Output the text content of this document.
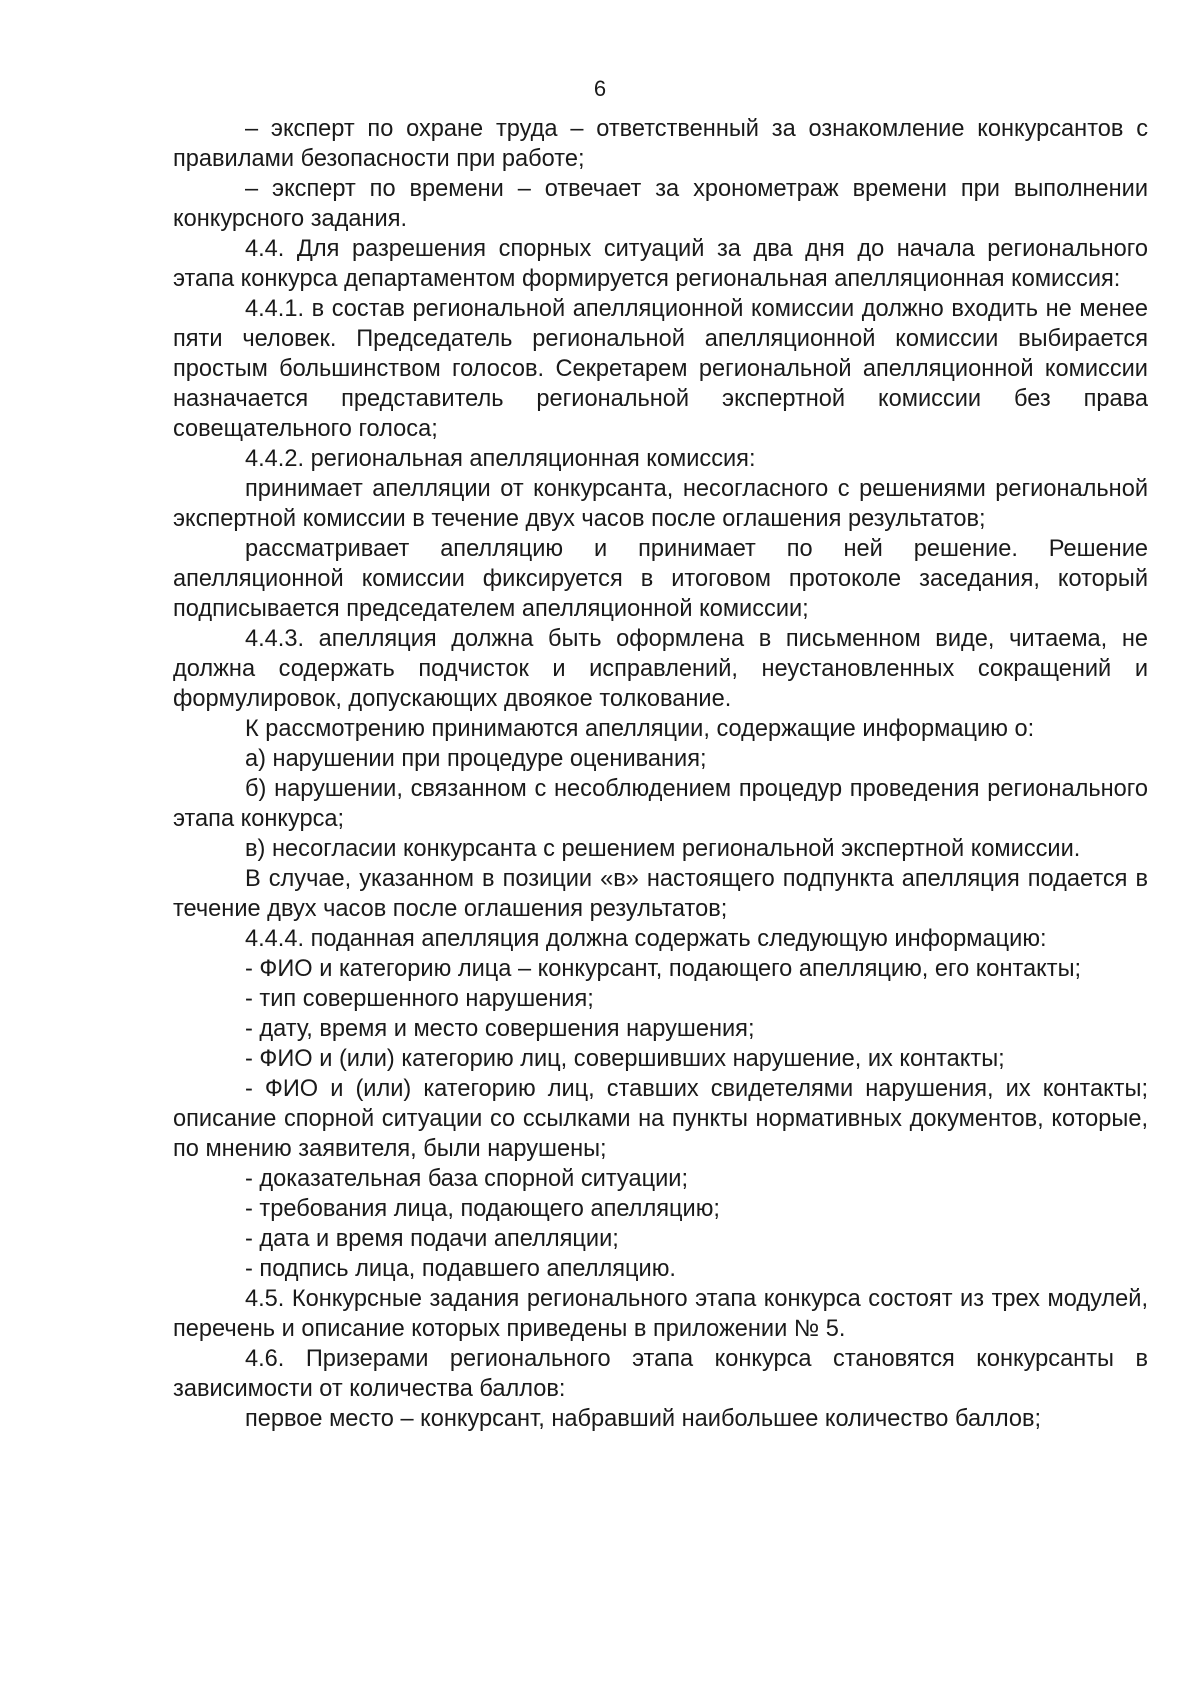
6

– эксперт по охране труда – ответственный за ознакомление конкурсантов с правилами безопасности при работе;

– эксперт по времени – отвечает за хронометраж времени при выполнении конкурсного задания.

4.4. Для разрешения спорных ситуаций за два дня до начала регионального этапа конкурса департаментом формируется региональная апелляционная комиссия:

4.4.1. в состав региональной апелляционной комиссии должно входить не менее пяти человек. Председатель региональной апелляционной комиссии выбирается простым большинством голосов. Секретарем региональной апелляционной комиссии назначается представитель региональной экспертной комиссии без права совещательного голоса;

4.4.2. региональная апелляционная комиссия:

принимает апелляции от конкурсанта, несогласного с решениями региональной экспертной комиссии в течение двух часов после оглашения результатов;

рассматривает апелляцию и принимает по ней решение. Решение апелляционной комиссии фиксируется в итоговом протоколе заседания, который подписывается председателем апелляционной комиссии;

4.4.3. апелляция должна быть оформлена в письменном виде, читаема, не должна содержать подчисток и исправлений, неустановленных сокращений и формулировок, допускающих двоякое толкование.

К рассмотрению принимаются апелляции, содержащие информацию о:

а) нарушении при процедуре оценивания;

б) нарушении, связанном с несоблюдением процедур проведения регионального этапа конкурса;

в) несогласии конкурсанта с решением региональной экспертной комиссии.

В случае, указанном в позиции «в» настоящего подпункта апелляция подается в течение двух часов после оглашения результатов;

4.4.4. поданная апелляция должна содержать следующую информацию:

- ФИО и категорию лица – конкурсант, подающего апелляцию, его контакты;

- тип совершенного нарушения;

- дату, время и место совершения нарушения;

- ФИО и (или) категорию лиц, совершивших нарушение, их контакты;

- ФИО и (или) категорию лиц, ставших свидетелями нарушения, их контакты; описание спорной ситуации со ссылками на пункты нормативных документов, которые, по мнению заявителя, были нарушены;

- доказательная база спорной ситуации;

- требования лица, подающего апелляцию;

- дата и время подачи апелляции;

- подпись лица, подавшего апелляцию.

4.5. Конкурсные задания регионального этапа конкурса состоят из трех модулей, перечень и описание которых приведены в приложении № 5.

4.6. Призерами регионального этапа конкурса становятся конкурсанты в зависимости от количества баллов:

первое место – конкурсант, набравший наибольшее количество баллов;
